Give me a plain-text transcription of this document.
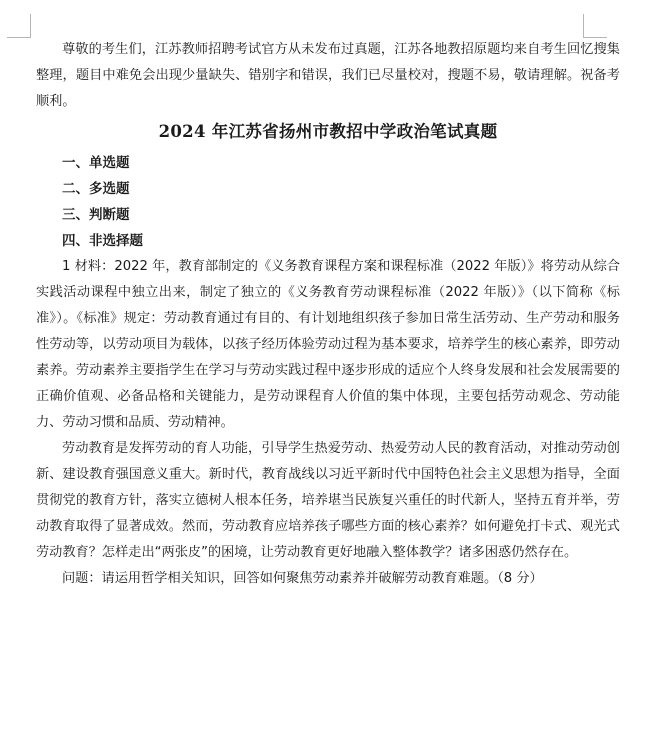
尊敬的考生们，江苏教师招聘考试官方从未发布过真题，江苏各地教招原题均来自考生回忆搜集整理，题目中难免会出现少量缺失、错别字和错误，我们已尽量校对，搜题不易，敬请理解。祝备考顺利。

2024 年江苏省扬州市教招中学政治笔试真题

一、单选题

二、多选题

三、判断题

四、非选择题

1 材料：2022 年，教育部制定的《义务教育课程方案和课程标准（2022 年版）》将劳动从综合实践活动课程中独立出来，制定了独立的《义务教育劳动课程标准（2022 年版）》（以下简称《标准》）。《标准》规定：劳动教育通过有目的、有计划地组织孩子参加日常生活劳动、生产劳动和服务性劳动等，以劳动项目为载体，以孩子经历体验劳动过程为基本要求，培养学生的核心素养，即劳动素养。劳动素养主要指学生在学习与劳动实践过程中逐步形成的适应个人终身发展和社会发展需要的正确价值观、必备品格和关键能力，是劳动课程育人价值的集中体现，主要包括劳动观念、劳动能力、劳动习惯和品质、劳动精神。

劳动教育是发挥劳动的育人功能，引导学生热爱劳动、热爱劳动人民的教育活动，对推动劳动创新、建设教育强国意义重大。新时代，教育战线以习近平新时代中国特色社会主义思想为指导，全面贯彻党的教育方针，落实立德树人根本任务，培养堪当民族复兴重任的时代新人，坚持五育并举，劳动教育取得了显著成效。然而，劳动教育应培养孩子哪些方面的核心素养？如何避免打卡式、观光式劳动教育？怎样走出“两张皮”的困境，让劳动教育更好地融入整体教学？诸多困惑仍然存在。

问题：请运用哲学相关知识，回答如何聚焦劳动素养并破解劳动教育难题。（8 分）
